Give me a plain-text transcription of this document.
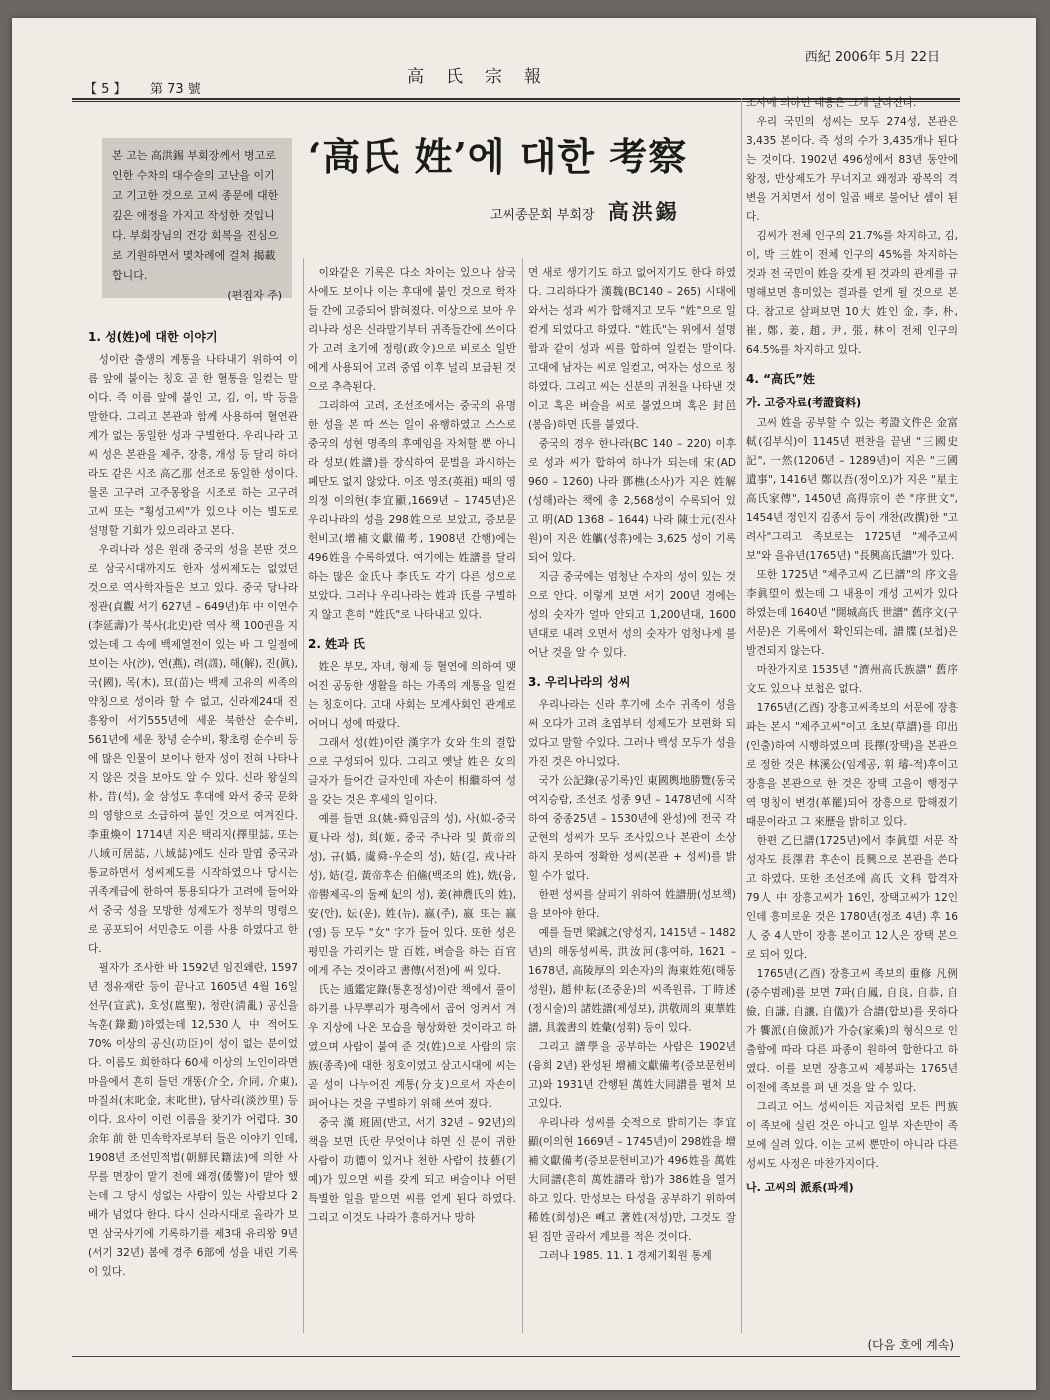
西紀 2006年 5月 22日
【 5 】 第 73 號
高氏宗報
본 고는 高洪錫 부회장께서 병고로 인한 수차의 대수술의 고난을 이기고 기고한 것으로 고씨 종문에 대한 깊은 애정을 가지고 작성한 것입니다. 부회장님의 건강 회복을 진심으로 기원하면서 몇차례에 걸쳐 揭載합니다.
(편집자 주)
‘高氏 姓’에 대한 考察
고씨종문회 부회장 高洪錫
1. 성(姓)에 대한 이야기

성이란 출생의 계통을 나타내기 위하여 이름 앞에 붙이는 칭호 곧 한 혈통을 일컫는 말이다. 즉 이름 앞에 붙인 고, 김, 이, 박 등을 말한다. 그리고 본관과 함께 사용하여 혈연관계가 없는 동일한 성과 구별한다. 우리나라 고씨 성은 본관을 제주, 장흥, 개성 등 달리 하더라도 같은 시조 高乙那 선조로 동일한 성이다. 물론 고구려 고주몽왕을 시조로 하는 고구려 고씨 또는 "횡성고씨"가 있으나 이는 별도로 설명할 기회가 있으리라고 본다.

우리나라 성은 원래 중국의 성을 본딴 것으로 삼국시대까지도 한자 성씨제도는 없었던 것으로 역사학자들은 보고 있다. 중국 당나라 정관(貞觀 서기 627년 – 649년)年 中 이연수(李延壽)가 북사(北史)란 역사 책 100권을 지었는데 그 속에 백제열전이 있는 바 그 일절에 보이는 사(沙), 연(燕), 려(𧫑), 해(解), 진(眞), 국(國), 목(木), 묘(苗)는 백제 고유의 씨족의 약칭으로 성이라 할 수 없고, 신라제24대 진흥왕이 서기555년에 세운 북한산 순수비, 561년에 세운 창녕 순수비, 황초령 순수비 등에 많은 인물이 보이나 한자 성이 전혀 나타나지 않은 것을 보아도 알 수 있다. 신라 왕실의 朴, 昔(석), 金 삼성도 후대에 와서 중국 문화의 영향으로 소급하여 붙인 것으로 여겨진다. 李重煥이 1714년 지은 택리지(擇里誌, 또는 八域可居誌, 八域誌)에도 신라 말엽 중국과 통교하면서 성씨제도를 시작하였으나 당시는 귀족계급에 한하여 통용되다가 고려에 들어와서 중국 성을 모방한 성제도가 정부의 명령으로 공포되어 서민층도 이를 사용 하였다고 한다.

필자가 조사한 바 1592년 임진왜란, 1597년 정유재란 등이 끝나고 1605년 4월 16일 선무(宣武), 호성(扈聖), 청란(淸亂) 공신을 녹훈(錄勳)하였는데 12,530人 中 적어도 70% 이상의 공신(功臣)이 성이 없는 분이었다. 이름도 희한하다 60세 이상의 노인이라면 마을에서 흔히 들던 개똥(介仝, 介同, 介東), 마질쇠(末叱金, 末叱世), 담사리(淡沙里) 등이다. 요사이 이런 이름을 찾기가 어렵다. 30余年 前 한 민속학자로부터 들은 이야기 인데, 1908년 조선민적법(朝鮮民籍法)에 의한 사무를 면장이 맡기 전에 왜경(倭警)이 맡아 했는데 그 당시 성없는 사람이 있는 사람보다 2배가 넘었다 한다. 다시 신라시대로 올라가 보면 삼국사기에 기록하기를 제3대 유리왕 9년(서기 32년) 봄에 경주 6部에 성을 내린 기록이 있다.

이와같은 기록은 다소 차이는 있으나 삼국사에도 보이나 이는 후대에 붙인 것으로 학자들 간에 고증되어 밝혀졌다. 이상으로 보아 우리나라 성은 신라말기부터 귀족들간에 쓰이다가 고려 초기에 정령(政令)으로 비로소 일반에게 사용되어 고려 중엽 이후 널리 보급된 것으로 추측된다.

그리하여 고려, 조선조에서는 중국의 유명한 성을 본 따 쓰는 일이 유행하였고 스스로 중국의 성현 명족의 후예임을 자처할 뿐 아니라 성보(姓譜)를 장식하여 문벌을 과시하는 폐단도 없지 않았다. 이조 영조(英祖) 때의 영의정 이의현(李宜顯,1669년 – 1745년)은 우리나라의 성을 298姓으로 보았고, 증보문헌비고(增補文獻備考, 1908년 간행)에는 496姓을 수록하였다. 여기에는 姓譜를 달리하는 많은 金氏나 李氏도 각기 다른 성으로 보았다. 그러나 우리나라는 姓과 氏를 구별하지 않고 흔히 "姓氏"로 나타내고 있다.

2. 姓과 氏

姓은 부모, 자녀, 형제 등 혈연에 의하여 맺어진 공동한 생활을 하는 가족의 계통을 일컫는 칭호이다. 고대 사회는 모계사회인 관계로 어머니 성에 따랐다.

그래서 성(姓)이란 漢字가 女와 生의 결합으로 구성되어 있다. 그리고 옛날 姓은 女의 글자가 들어간 글자인데 자손이 相繼하여 성을 갖는 것은 후세의 일이다.

예를 들면 요(姚-舜임금의 성), 사(姒-중국 夏나라 성), 희(姬, 중국 주나라 및 黃帝의 성), 규(嬀, 虞舜-우순의 성), 姞(길, 戎나라 성), 姞(길, 黃帝후손 伯鯈(백조의 姓), 姺(융, 帝嚳제곡-의 둘째 妃의 성), 姜(神農氏의 姓), 安(안), 妘(운), 姓(뉴), 嬴(주), 嬴 또는 嬴(영) 등 모두 "女" 字가 들어 있다. 또한 성은 평민을 가리키는 말 百姓, 벼슬을 하는 百官에게 주는 것이라고 書傳(서전)에 써 있다.

氏는 通鑑定錄(통혼정성)이란 책에서 풀이하기를 나무뿌리가 평측에서 곱어 엉켜서 겨우 지상에 나온 모습을 형상화한 것이라고 하였으며 사람이 붙여 준 것(姓)으로 사람의 宗族(종족)에 대한 칭호이였고 삼고시대에 씨는 곧 성이 나누어진 계통(分支)으로서 자손이 퍼어나는 것을 구별하기 위해 쓰여 졌다.

중국 漢 班固(반고, 서기 32년 – 92년)의 책을 보면 氏란 무엇이냐 하면 신 분이 귀한 사람이 功德이 있거나 천한 사람이 技藝(기예)가 있으면 씨를 갖게 되고 벼슬이나 어떤 특별한 일을 맡으면 씨를 얻게 된다 하였다. 그리고 이것도 나라가 흥하거나 망하

면 새로 생기기도 하고 없어지기도 한다 하였다. 그리하다가 漢魏(BC140 – 265) 시대에 와서는 성과 씨가 합해지고 모두 "姓"으로 일컫게 되었다고 하였다. "姓氏"는 위에서 설명함과 같이 성과 씨를 합하여 일컫는 말이다. 고대에 남자는 씨로 일컫고, 여자는 성으로 칭하였다. 그리고 씨는 신분의 귀천을 나타낸 것이고 혹은 벼슬을 씨로 붙였으며 혹은 封邑(봉읍)하면 氏를 붙였다.

중국의 경우 한나라(BC 140 – 220) 이후로 성과 씨가 합하여 하나가 되는데 宋(AD 960 – 1260) 나라 鄧樵(소사)가 지은 姓解(성해)라는 책에 총 2,568성이 수록되어 있고 明(AD 1368 – 1644) 나라 陳士元(진사원)이 지은 姓觿(성휴)에는 3,625 성이 기록되어 있다.

지금 중국에는 엄청난 수자의 성이 있는 것으로 안다. 이렇게 보면 서기 200년 경에는 성의 숫자가 얼마 안되고 1,200년대, 1600년대로 내려 오면서 성의 숫자가 엄청나게 불어난 것을 알 수 있다.

3. 우리나라의 성씨

우리나라는 신라 후기에 소수 귀족이 성을 써 오다가 고려 초엽부터 성제도가 보편화 되었다고 말할 수있다. 그러나 백성 모두가 성을 가진 것은 아니었다.

국가 公記錄(공기록)인 東國輿地勝覽(동국여지승람, 조선조 성종 9년 – 1478년에 시작하여 중종25년 – 1530년에 완성)에 전국 각 군현의 성씨가 모두 조사있으나 본관이 소상하지 못하여 정확한 성씨(본관 + 성씨)를 밝힐 수가 없다.

한편 성씨를 살피기 위하여 姓譜册(성보책)을 보아야 한다.

예를 들면 梁誠之(양성지, 1415년 – 1482년)의 해동성씨록, 洪汝河(홍여하, 1621 – 1678년, 高陵厚의 외손자)의 海東姓苑(해동성원), 趙仲耘(조중운)의 씨족원류, 丁時述(정시술)의 諸姓譜(제성보), 洪敬周의 東華姓譜, 具義書의 姓彙(성휘) 등이 있다.

그리고 譜學을 공부하는 사람은 1902년(융희 2년) 완성된 增補文獻備考(증보문헌비고)와 1931년 간행된 萬姓大同譜를 펼쳐 보고있다.

우리나라 성씨를 숫적으로 밝히기는 李宜顯(이의현 1669년 – 1745년)이 298姓을 增補文獻備考(증보문헌비고)가 496姓을 萬姓大同譜(흔히 萬姓譜라 함)가 386姓을 열거하고 있다. 만성보는 타성을 공부하기 위하여 稀姓(희성)은 빼고 著姓(저성)만, 그것도 잘된 집만 골라서 계보를 적은 것이다.

그러나 1985. 11. 1 경제기획원 통계

조사에 의하면 내용은 크게 달라진다.

우리 국민의 성씨는 모두 274성, 본관은 3,435 본이다. 즉 성의 수가 3,435개나 된다는 것이다. 1902년 496성에서 83년 동안에 왕정, 반상제도가 무너지고 왜정과 광복의 격변을 거치면서 성이 일곱 배로 불어난 셈이 된다.

김씨가 전체 인구의 21.7%를 차지하고, 김, 이, 박 三姓이 전체 인구의 45%를 차지하는 것과 전 국민이 姓을 갖게 된 것과의 관계를 규명해보면 흥미있는 결과를 얻게 될 것으로 본다. 참고로 살펴보면 10大 姓인 金, 李, 朴, 崔, 鄭, 姜, 趙, 尹, 張, 林이 전체 인구의 64.5%를 차지하고 있다.

4. “高氏”姓
가. 고증자료(考證資料)

고씨 姓을 공부할 수 있는 考證文件은 金富軾(김부식)이 1145년 편찬을 끝낸 "三國史記", 一然(1206년 – 1289년)이 지은 "三國遺事", 1416년 鄭以吾(정이오)가 지은 "星主高氏家傳", 1450년 高得宗이 쓴 "序世文", 1454년 정인지 김종서 등이 개찬(改撰)한 "고려사"그리고 족보로는 1725년 "제주고씨보"와 을유년(1765년) "長興高氏譜"가 있다.

또한 1725년 "제주고씨 乙巳譜"의 序文을 李眞望이 썼는데 그 내용이 개성 고씨가 있다 하였는데 1640년 "開城高氏 世譜" 舊序文(구서문)은 기록에서 확인되는데, 譜牒(보첩)은 발견되지 않는다.

마찬가지로 1535년 "濟州高氏族譜" 舊序文도 있으나 보첩은 없다.

1765년(乙酉) 장흥고씨족보의 서문에 장흥파는 본시 "제주고씨"이고 초보(草譜)를 印出(인출)하여 시행하였으며 長擇(장택)을 본관으로 정한 것은 林溪公(임계공, 휘 璿-적)후이고 장흥을 본관으로 한 것은 장택 고을이 행정구역 명칭이 변경(革罷)되어 장흥으로 합해졌기 때문이라고 그 來歷을 밝히고 있다.

한편 乙巳譜(1725년)에서 李眞望 서문 작성자도 長澤君 후손이 長興으로 본관을 쓴다고 하였다. 또한 조선조에 高氏 文科 합격자 79人 中 장흥고씨가 16인, 장택고씨가 12인인데 흥미로운 것은 1780년(정조 4년) 후 16人 중 4人만이 장흥 본이고 12人은 장택 본으로 되어 있다.

1765년(乙酉) 장흥고씨 족보의 重修 凡例(중수범례)를 보면 7파(自鳳, 自良, 自恭, 自儉, 自謙, 自讓, 自儀)가 合譜(합보)를 못하다가 饗派(自儉派)가 가승(家乘)의 형식으로 인출함에 따라 다른 파종이 원하여 합한다고 하였다. 이를 보면 장흥고씨 제봉파는 1765년 이전에 족보를 펴 낸 것을 알 수 있다.

그리고 어느 성씨이든 지금처럼 모든 門族이 족보에 실린 것은 아니고 일부 자손만이 족보에 실려 있다. 이는 고씨 뿐만이 아니라 다른 성씨도 사정은 마찬가지이다.

나. 고씨의 派系(파계)
(다음 호에 계속)
